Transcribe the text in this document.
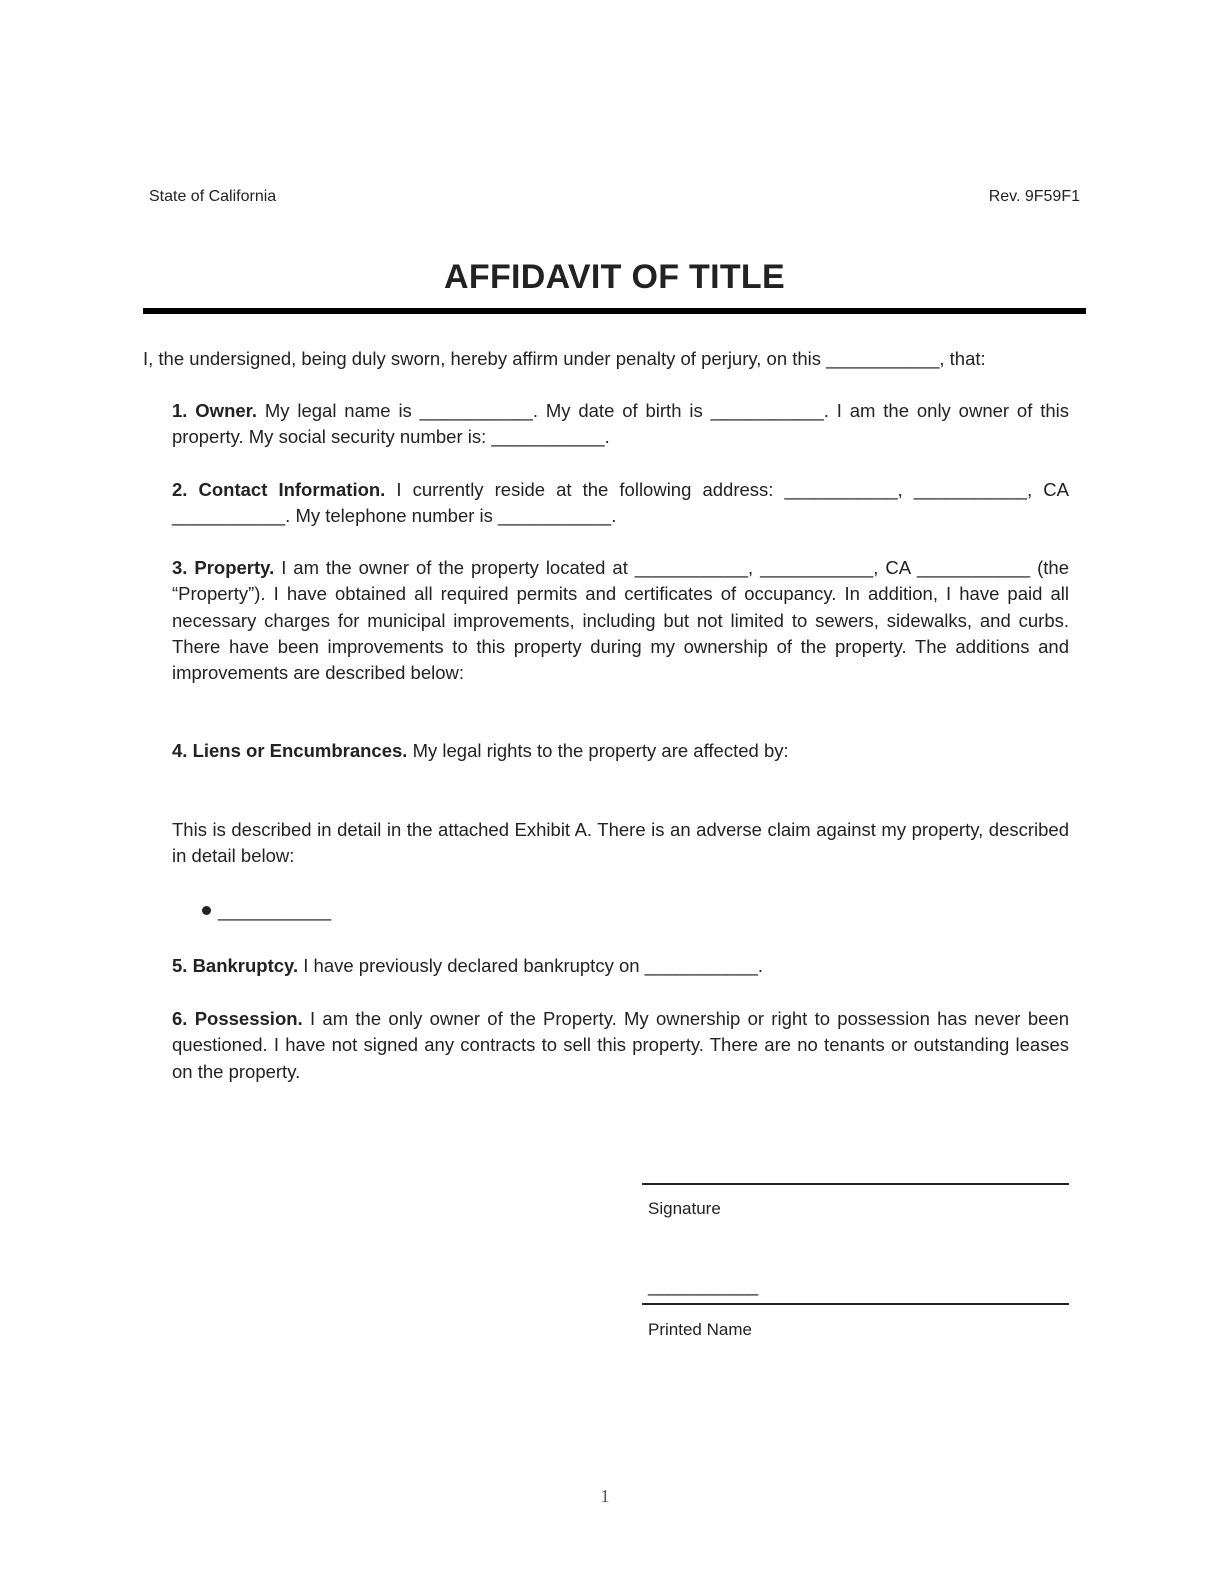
State of California	Rev. 9F59F1
AFFIDAVIT OF TITLE
I, the undersigned, being duly sworn, hereby affirm under penalty of perjury, on this ___________, that:
1. Owner. My legal name is ___________. My date of birth is ___________. I am the only owner of this property. My social security number is: ___________.
2. Contact Information. I currently reside at the following address: ___________, ___________, CA ___________. My telephone number is ___________.
3. Property. I am the owner of the property located at ___________, ___________, CA ___________ (the “Property”). I have obtained all required permits and certificates of occupancy. In addition, I have paid all necessary charges for municipal improvements, including but not limited to sewers, sidewalks, and curbs. There have been improvements to this property during my ownership of the property. The additions and improvements are described below:
4. Liens or Encumbrances. My legal rights to the property are affected by:
This is described in detail in the attached Exhibit A. There is an adverse claim against my property, described in detail below:
___________
5. Bankruptcy. I have previously declared bankruptcy on ___________.
6. Possession. I am the only owner of the Property. My ownership or right to possession has never been questioned. I have not signed any contracts to sell this property. There are no tenants or outstanding leases on the property.
Signature
___________
Printed Name
1
